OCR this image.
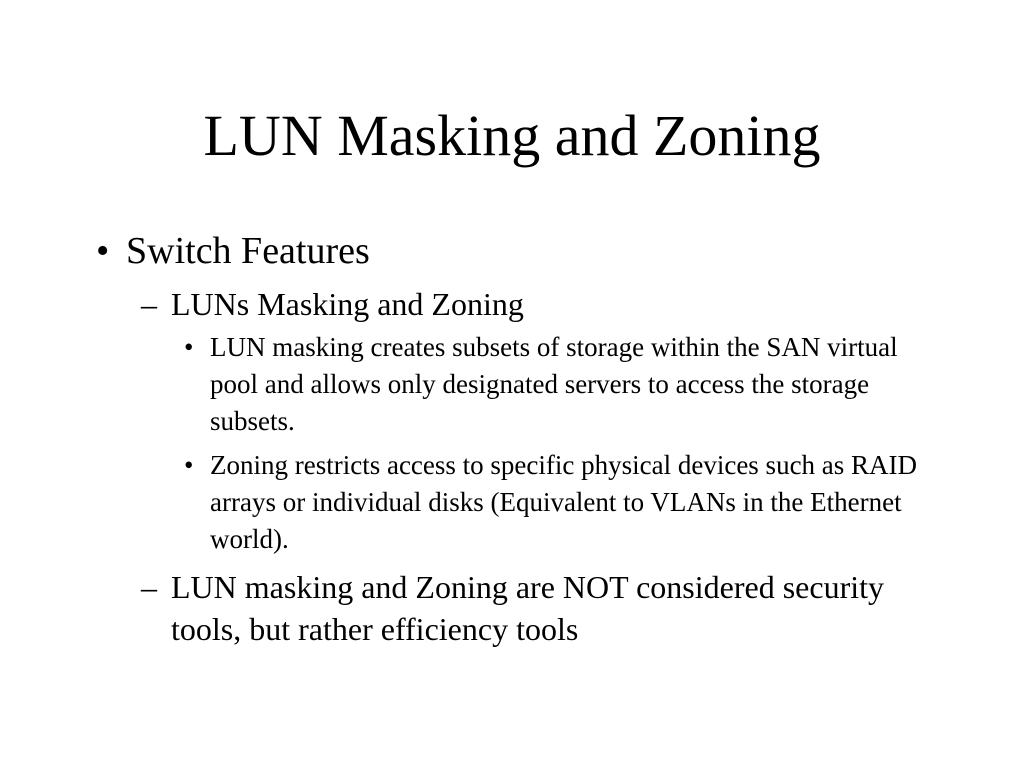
LUN Masking and Zoning
• Switch Features
– LUNs Masking and Zoning
• LUN masking creates subsets of storage within the SAN virtual pool and allows only designated servers to access the storage subsets.
• Zoning restricts access to specific physical devices such as RAID arrays or individual disks (Equivalent to VLANs in the Ethernet world).
– LUN masking and Zoning are NOT considered security tools, but rather efficiency tools
